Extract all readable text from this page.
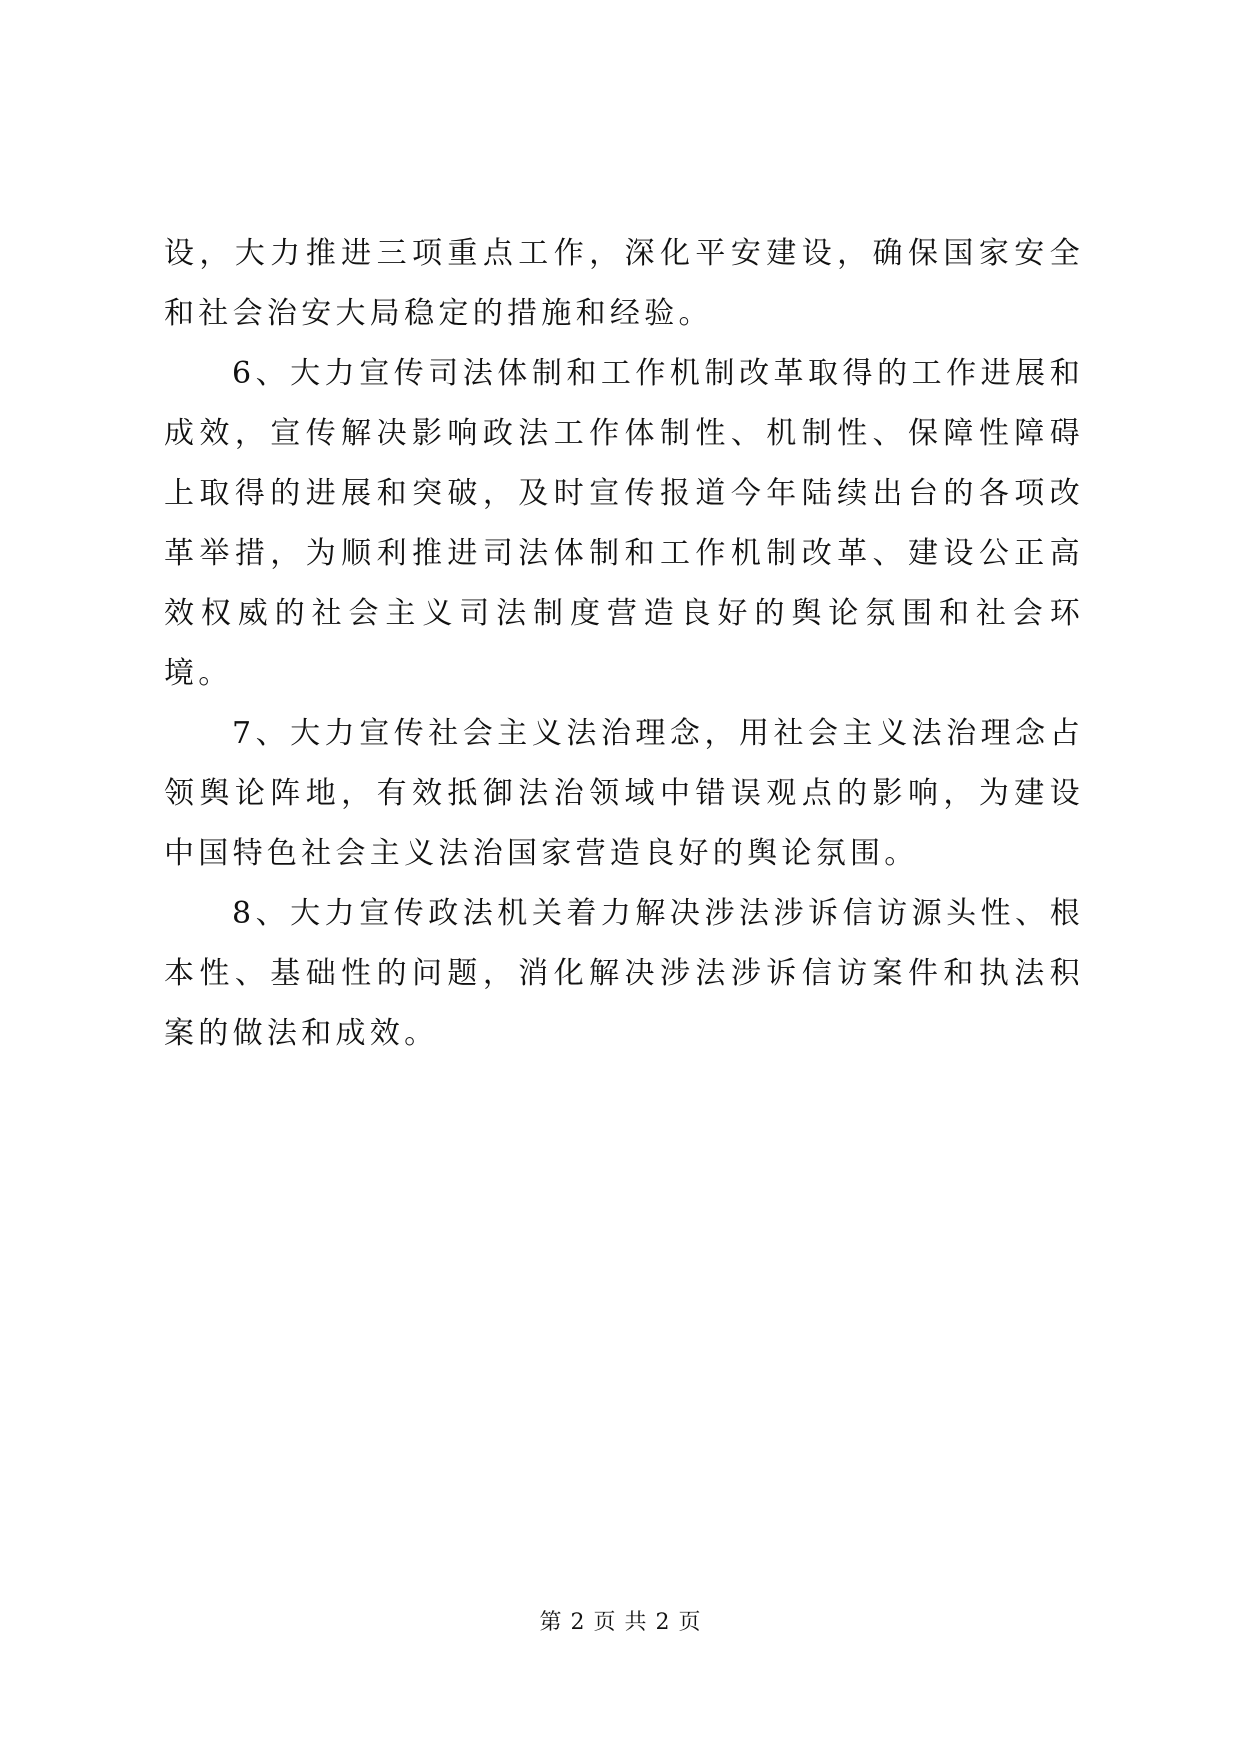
设，大力推进三项重点工作，深化平安建设，确保国家安全和社会治安大局稳定的措施和经验。

6、大力宣传司法体制和工作机制改革取得的工作进展和成效，宣传解决影响政法工作体制性、机制性、保障性障碍上取得的进展和突破，及时宣传报道今年陆续出台的各项改革举措，为顺利推进司法体制和工作机制改革、建设公正高效权威的社会主义司法制度营造良好的舆论氛围和社会环境。

7、大力宣传社会主义法治理念，用社会主义法治理念占领舆论阵地，有效抵御法治领域中错误观点的影响，为建设中国特色社会主义法治国家营造良好的舆论氛围。

8、大力宣传政法机关着力解决涉法涉诉信访源头性、根本性、基础性的问题，消化解决涉法涉诉信访案件和执法积案的做法和成效。

第 2 页 共 2 页
